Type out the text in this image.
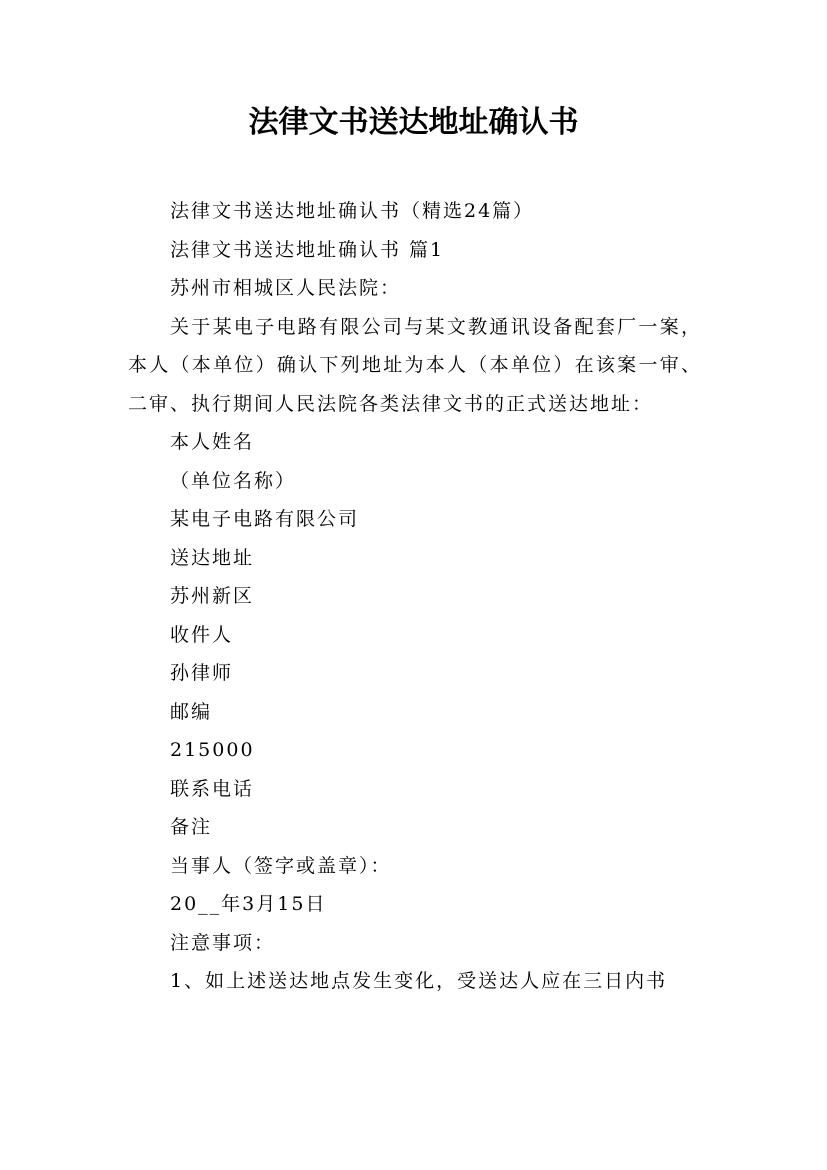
法律文书送达地址确认书

法律文书送达地址确认书（精选24篇）

法律文书送达地址确认书 篇1

苏州市相城区人民法院：

关于某电子电路有限公司与某文教通讯设备配套厂一案，本人（本单位）确认下列地址为本人（本单位）在该案一审、二审、执行期间人民法院各类法律文书的正式送达地址：

本人姓名

（单位名称）

某电子电路有限公司

送达地址

苏州新区

收件人

孙律师

邮编

215000

联系电话

备注

当事人（签字或盖章）：

20__年3月15日

注意事项：

1、如上述送达地点发生变化，受送达人应在三日内书
